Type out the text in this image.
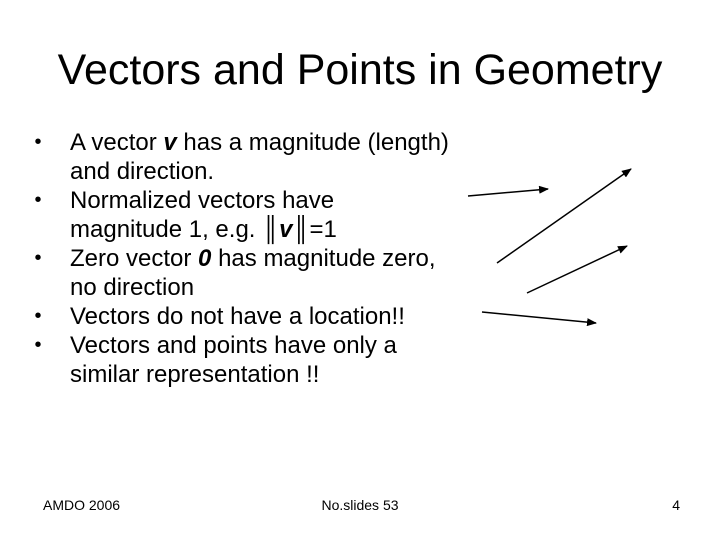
Vectors and Points in Geometry
• A vector v has a magnitude (length) and direction.
• Normalized vectors have magnitude 1, e.g. ║v║=1
• Zero vector 0 has magnitude zero, no direction
• Vectors do not have a location!!
• Vectors and points have only a similar representation !!
AMDO 2006	No.slides 53	4
